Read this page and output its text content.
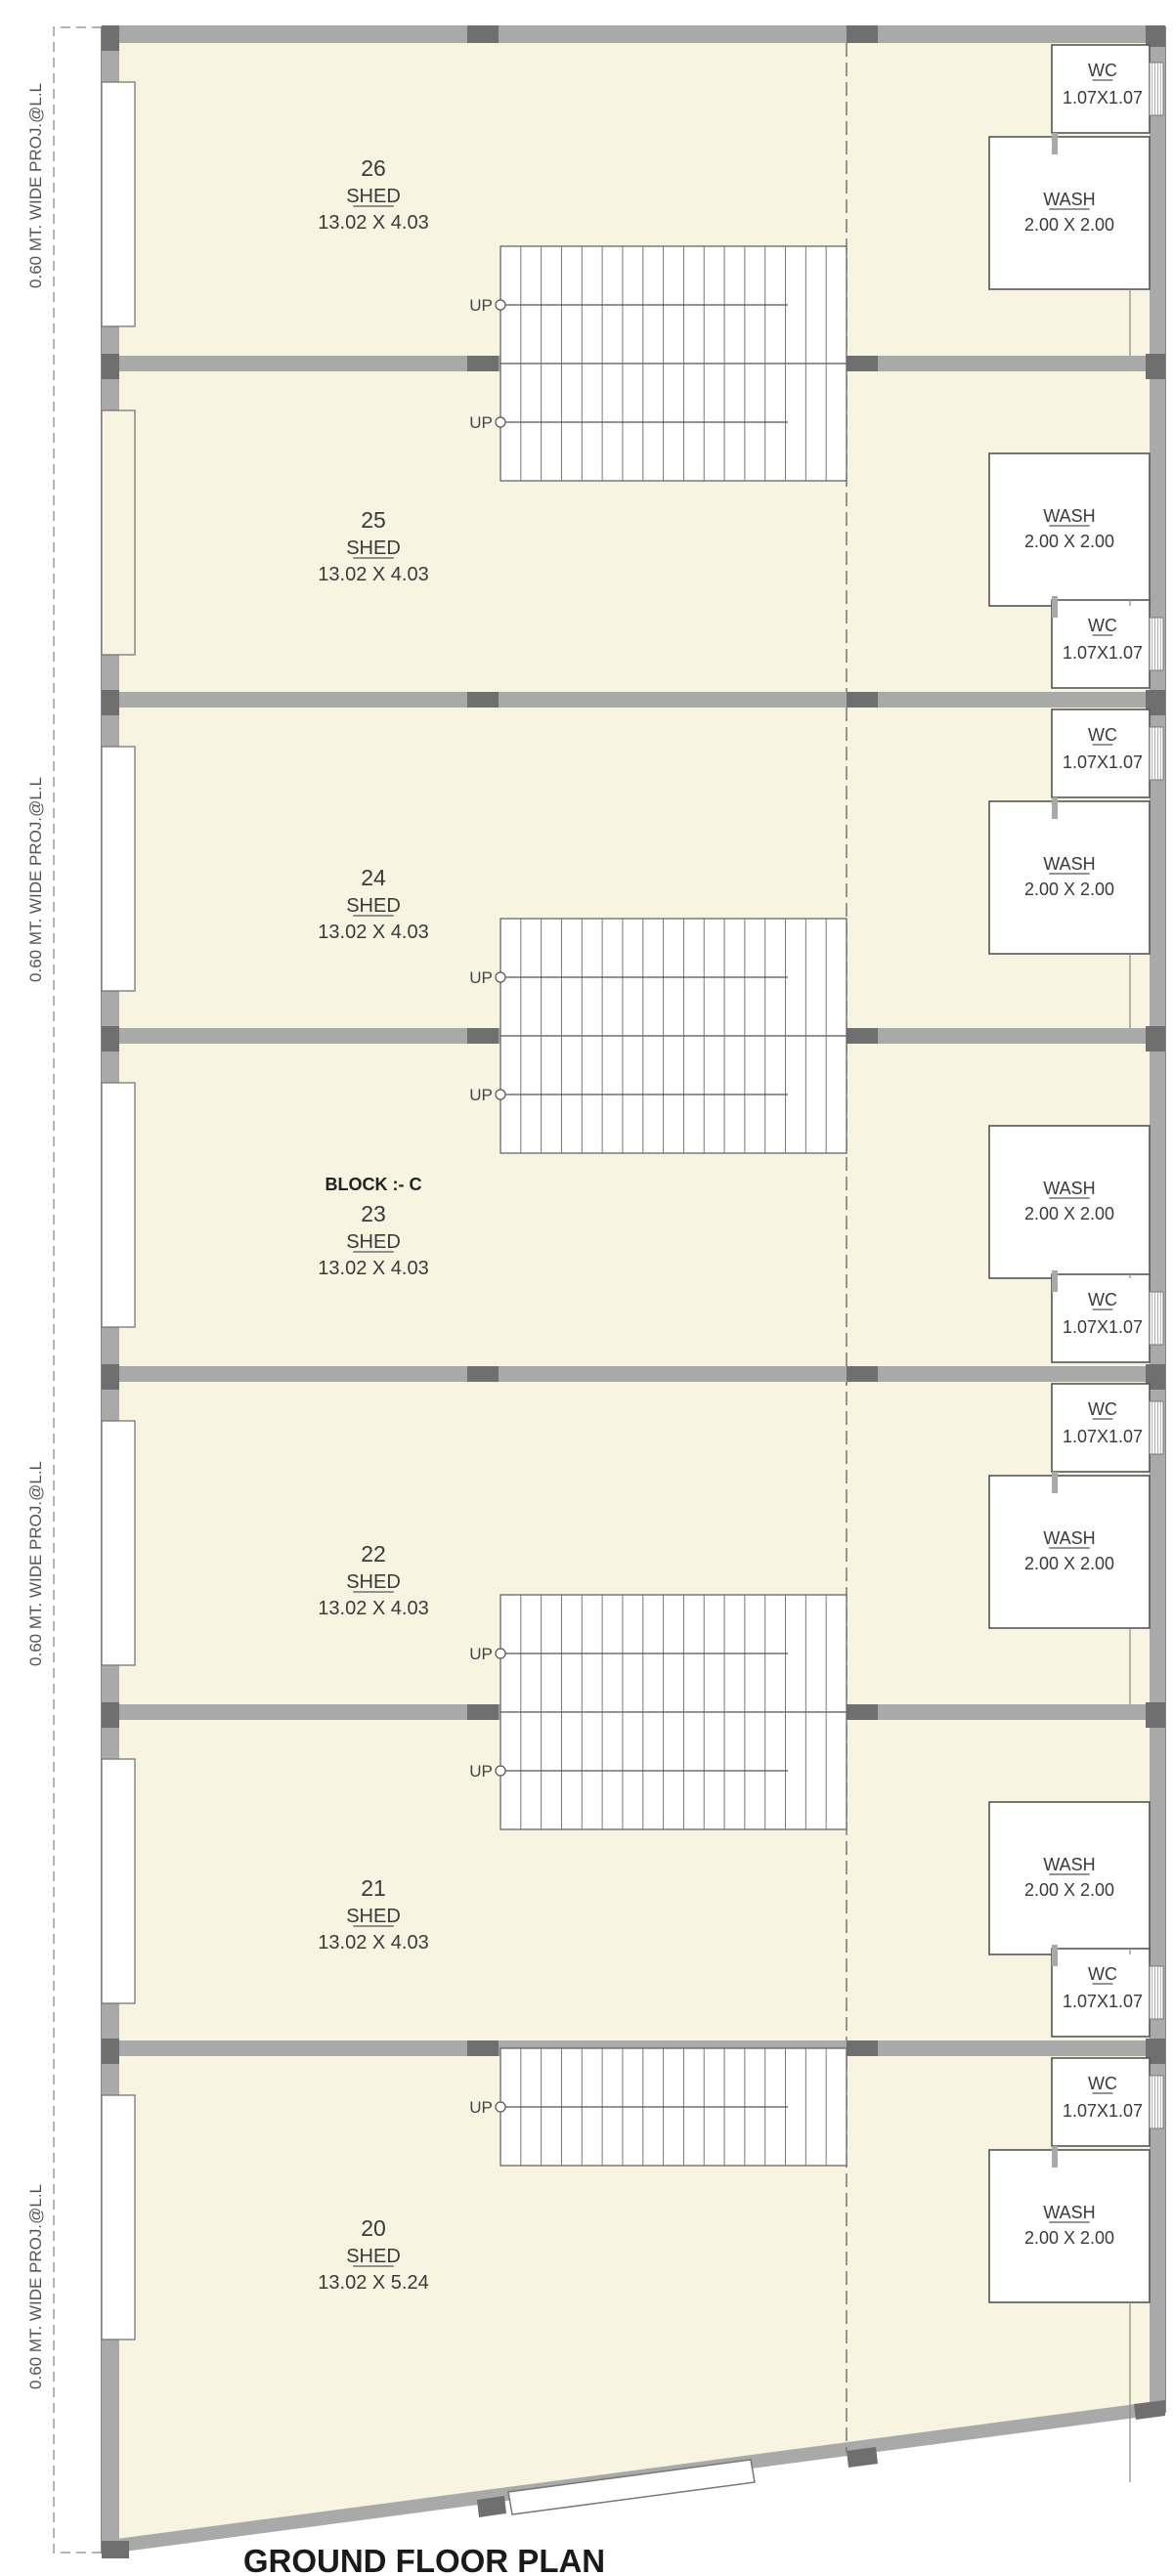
0.60 MT. WIDE PROJ.@L.L
0.60 MT. WIDE PROJ.@L.L
0.60 MT. WIDE PROJ.@L.L
0.60 MT. WIDE PROJ.@L.L
UP
WASH
2.00 X 2.00
WC
1.07X1.07
26
SHED
13.02 X 4.03
UP
WASH
2.00 X 2.00
WC
1.07X1.07
25
SHED
13.02 X 4.03
UP
WASH
2.00 X 2.00
WC
1.07X1.07
24
SHED
13.02 X 4.03
UP
WASH
2.00 X 2.00
WC
1.07X1.07
23
SHED
13.02 X 4.03
UP
WASH
2.00 X 2.00
WC
1.07X1.07
22
SHED
13.02 X 4.03
UP
WASH
2.00 X 2.00
WC
1.07X1.07
21
SHED
13.02 X 4.03
UP
WASH
2.00 X 2.00
WC
1.07X1.07
20
SHED
13.02 X 5.24
BLOCK :- C
GROUND FLOOR PLAN
